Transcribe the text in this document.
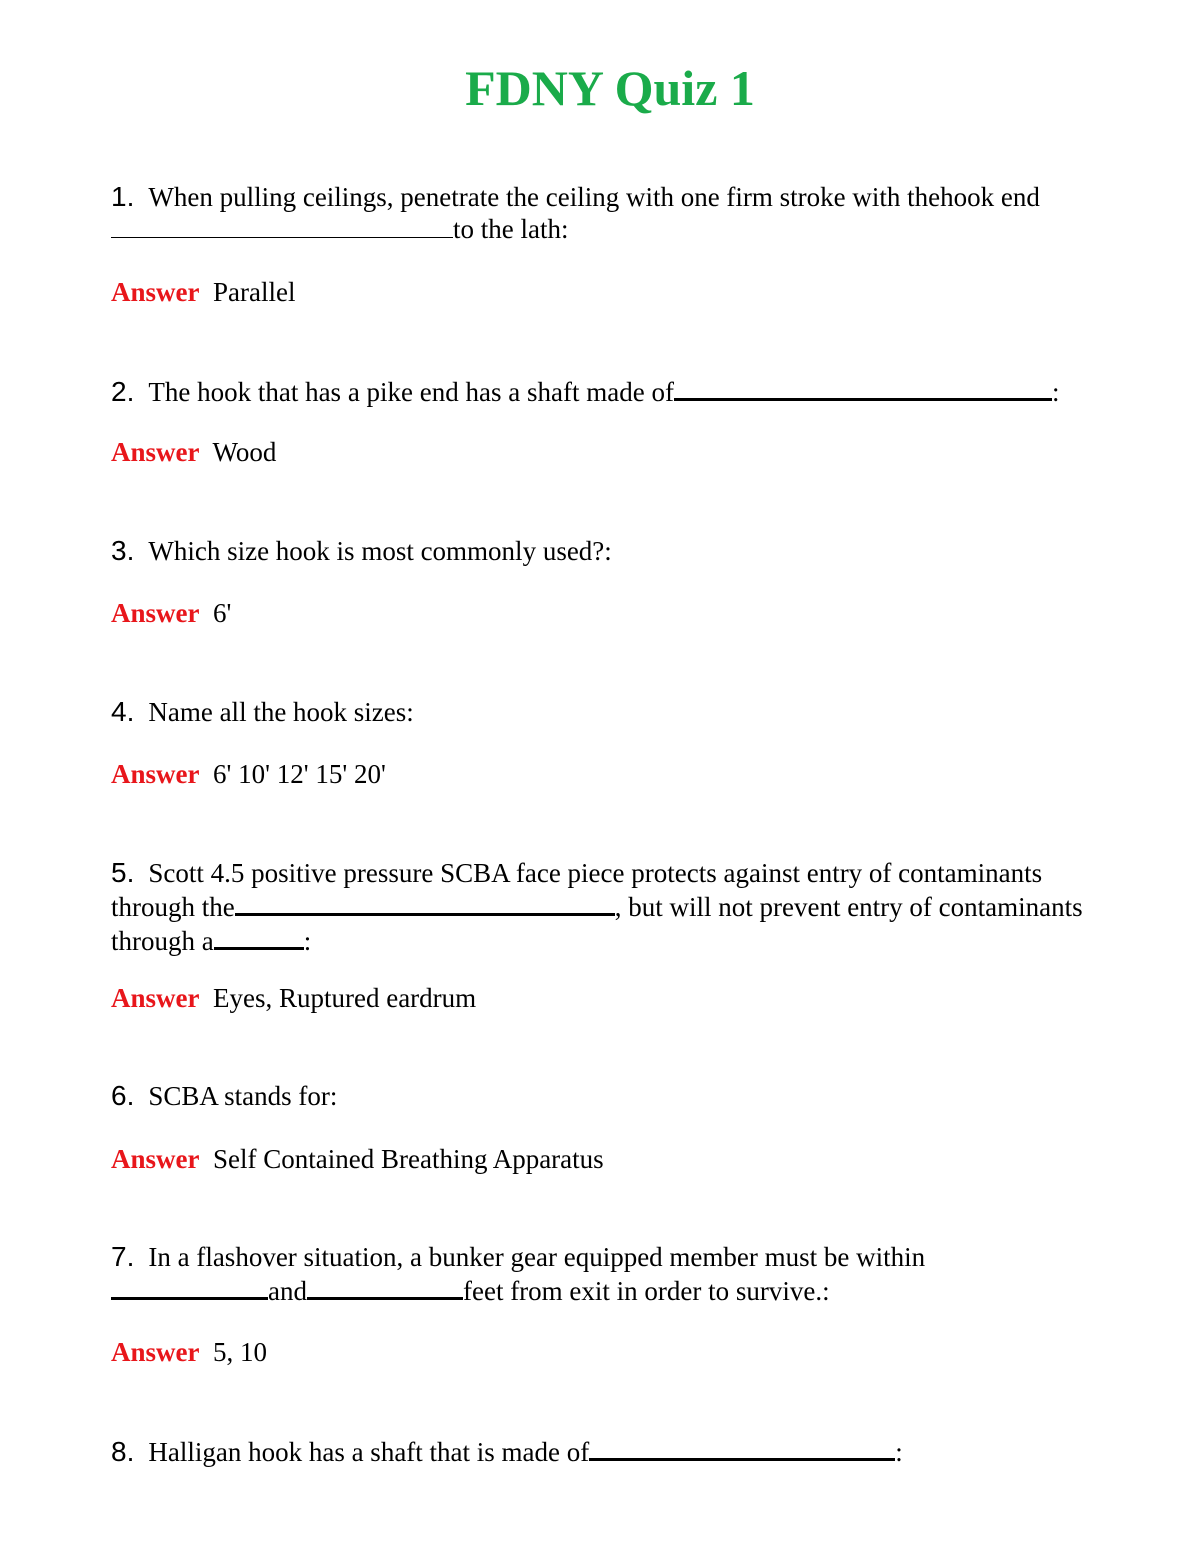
FDNY Quiz 1
1. When pulling ceilings, penetrate the ceiling with one firm stroke with thehook end
to the lath:
Answer Parallel
2. The hook that has a pike end has a shaft made of	:
Answer Wood
3. Which size hook is most commonly used?:
Answer 6'
4. Name all the hook sizes:
Answer 6' 10' 12' 15' 20'
5. Scott 4.5 positive pressure SCBA face piece protects against entry of contaminants
through the	, but will not prevent entry of contaminants
through a	:
Answer Eyes, Ruptured eardrum
6. SCBA stands for:
Answer Self Contained Breathing Apparatus
7. In a flashover situation, a bunker gear equipped member must be within
and	feet from exit in order to survive.:
Answer 5, 10
8. Halligan hook has a shaft that is made of	:
